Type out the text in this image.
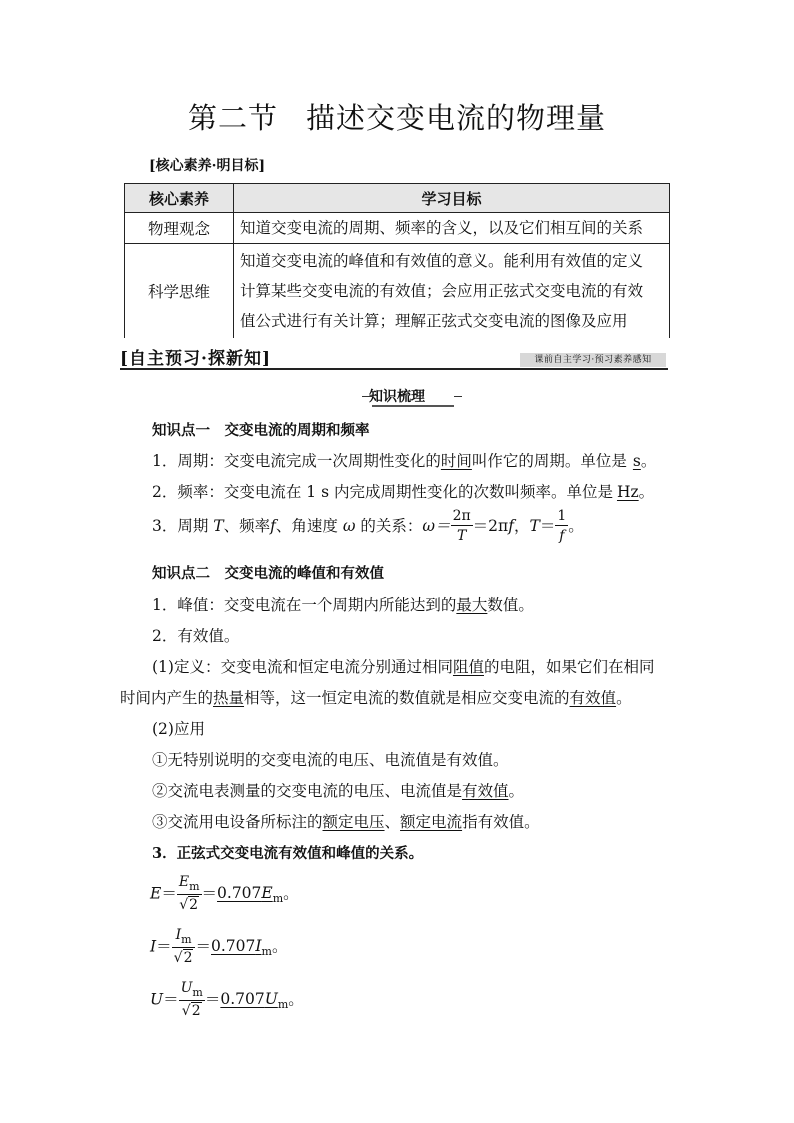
第二节 描述交变电流的物理量
[核心素养·明目标]
核心素养	学习目标
物理观念	知道交变电流的周期、频率的含义，以及它们相互间的关系
科学思维	知道交变电流的峰值和有效值的意义。能利用有效值的定义
计算某些交变电流的有效值；会应用正弦式交变电流的有效
值公式进行有关计算；理解正弦式交变电流的图像及应用
[自主预习·探新知]	课前自主学习·预习素养感知
知识梳理
知识点一　交变电流的周期和频率
1．周期：交变电流完成一次周期性变化的时间叫作它的周期。单位是 s。
2．频率：交变电流在 1 s 内完成周期性变化的次数叫频率。单位是 Hz。
3．周期 T、频率f、角速度 ω 的关系：$\omega= \frac{2\pi}{T} =2\pi f$，$T= \frac{1}{f}$ 。
知识点二　交变电流的峰值和有效值
1．峰值：交变电流在一个周期内所能达到的最大数值。
2．有效值。
(1)定义：交变电流和恒定电流分别通过相同阻值的电阻，如果它们在相同
时间内产生的热量相等，这一恒定电流的数值就是相应交变电流的有效值。
(2)应用
①无特别说明的交变电流的电压、电流值是有效值。
②交流电表测量的交变电流的电压、电流值是有效值。
③交流用电设备所标注的额定电压、额定电流指有效值。
3．正弦式交变电流有效值和峰值的关系。
$E= \frac{E_m}{√2} =0.707E_m$。
$I= \frac{I_m}{√2} =0.707I_m$。
$U= \frac{U_m}{√2} =0.707U_m$。
